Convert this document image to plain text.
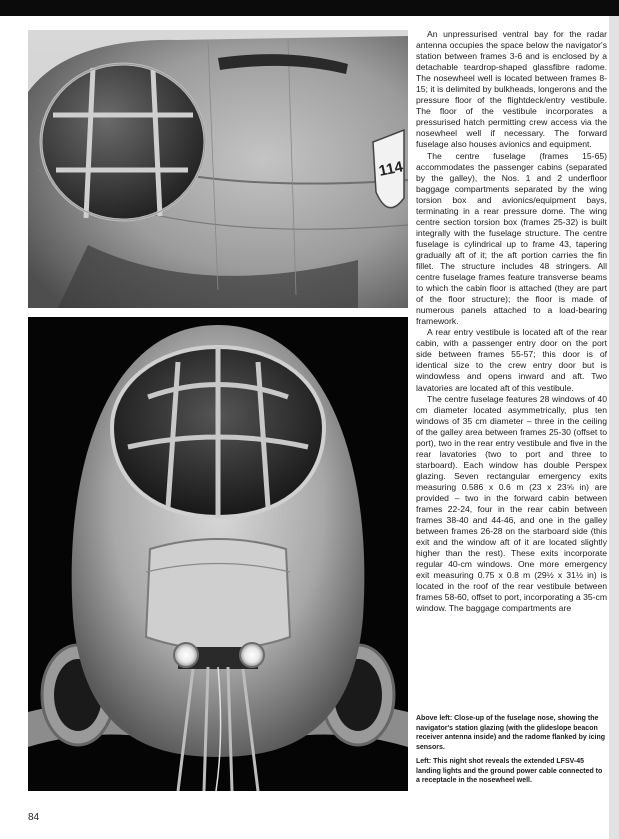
114

An unpressurised ventral bay for the radar antenna occupies the space below the navigator's station between frames 3-6 and is enclosed by a detachable teardrop-shaped glassfibre radome. The nosewheel well is located between frames 8-15; it is delimited by bulkheads, longerons and the pressure floor of the flightdeck/entry vestibule. The floor of the vestibule incorporates a pressurised hatch permitting crew access via the nosewheel well if necessary. The forward fuselage also houses avionics and equipment.

The centre fuselage (frames 15-65) accommodates the passenger cabins (separated by the galley), the Nos. 1 and 2 underfloor baggage compartments separated by the wing torsion box and avionics/equipment bays, terminating in a rear pressure dome. The wing centre section torsion box (frames 25-32) is built integrally with the fuselage structure. The centre fuselage is cylindrical up to frame 43, tapering gradually aft of it; the aft portion carries the fin fillet. The structure includes 48 stringers. All centre fuselage frames feature transverse beams to which the cabin floor is attached (they are part of the floor structure); the floor is made of numerous panels attached to a load-bearing framework.

A rear entry vestibule is located aft of the rear cabin, with a passenger entry door on the port side between frames 55-57; this door is of identical size to the crew entry door but is windowless and opens inward and aft. Two lavatories are located aft of this vestibule.

The centre fuselage features 28 windows of 40 cm diameter located asymmetrically, plus ten windows of 35 cm diameter – three in the ceiling of the galley area between frames 25-30 (offset to port), two in the rear entry vestibule and five in the rear lavatories (two to port and three to starboard). Each window has double Perspex glazing. Seven rectangular emergency exits measuring 0.586 x 0.6 m (23 x 23⅝ in) are provided – two in the forward cabin between frames 22-24, four in the rear cabin between frames 38-40 and 44-46, and one in the galley between frames 26-28 on the starboard side (this exit and the window aft of it are located slightly higher than the rest). These exits incorporate regular 40-cm windows. One more emergency exit measuring 0.75 x 0.8 m (29½ x 31½ in) is located in the roof of the rear vestibule between frames 58-60, offset to port, incorporating a 35-cm window. The baggage compartments are

Above left: Close-up of the fuselage nose, showing the navigator's station glazing (with the glideslope beacon receiver antenna inside) and the radome flanked by icing sensors.
Left: This night shot reveals the extended LFSV-45 landing lights and the ground power cable connected to a receptacle in the nosewheel well.
84
